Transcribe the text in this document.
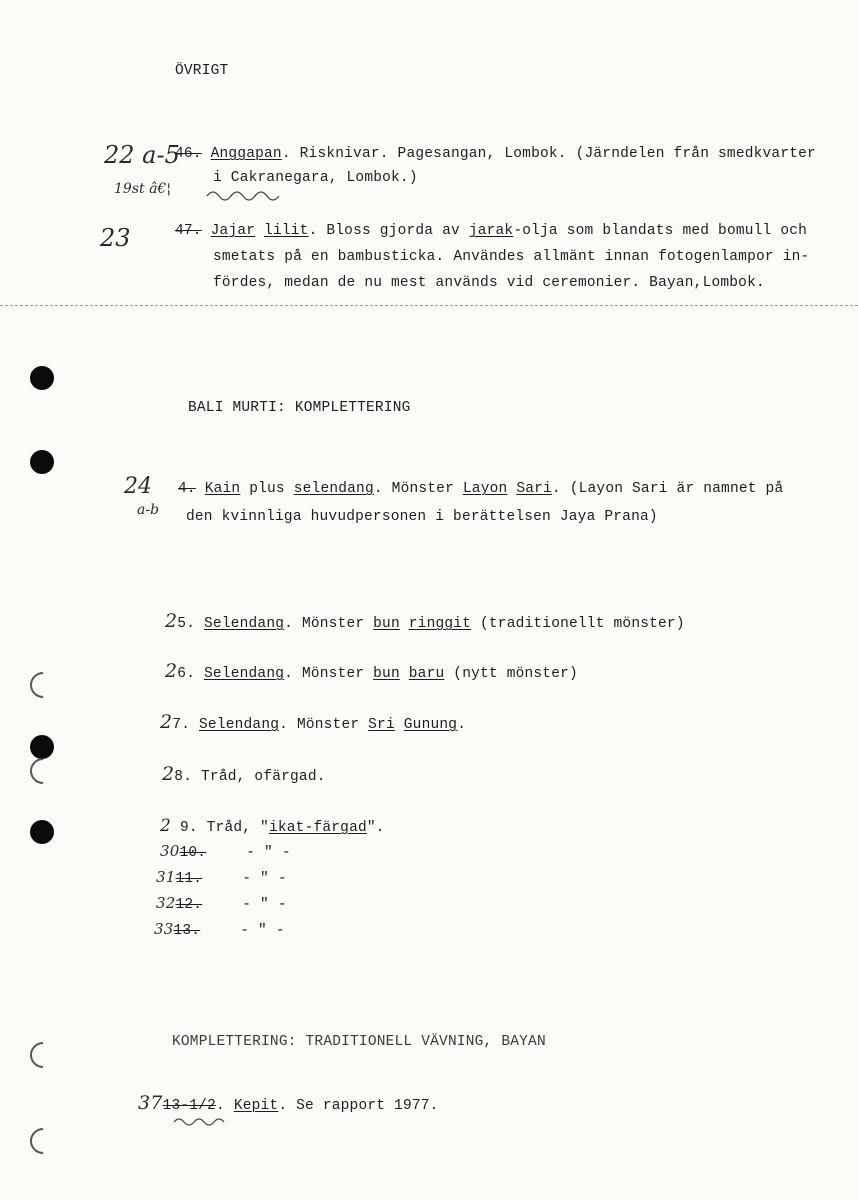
ÖVRIGT
22 a-5
19st â€¦
46. Anggapan. Risknivar. Pagesangan, Lombok. (Järndelen från smedkvarter
i Cakranegara, Lombok.)
23	47. Jajar lilit. Bloss gjorda av jarak-olja som blandats med bomull och
smetats på en bambusticka. Användes allmänt innan fotogenlampor in-
fördes, medan de nu mest används vid ceremonier. Bayan,Lombok.
BALI MURTI: KOMPLETTERING
24
a-b
4. Kain plus selendang. Mönster Layon Sari. (Layon Sari är namnet på
den kvinnliga huvudpersonen i berättelsen Jaya Prana)
25. Selendang. Mönster bun ringgit (traditionellt mönster)
26. Selendang. Mönster bun baru (nytt mönster)
27. Selendang. Mönster Sri Gunung.
28. Tråd, ofärgad.
2 9. Tråd, "ikat-färgad".
3010.	- " -
3111.	- " -
3212.	- " -
3313.	- " -
KOMPLETTERING: TRADITIONELL VÄVNING, BAYAN
3713-1/2. Kepit. Se rapport 1977.
